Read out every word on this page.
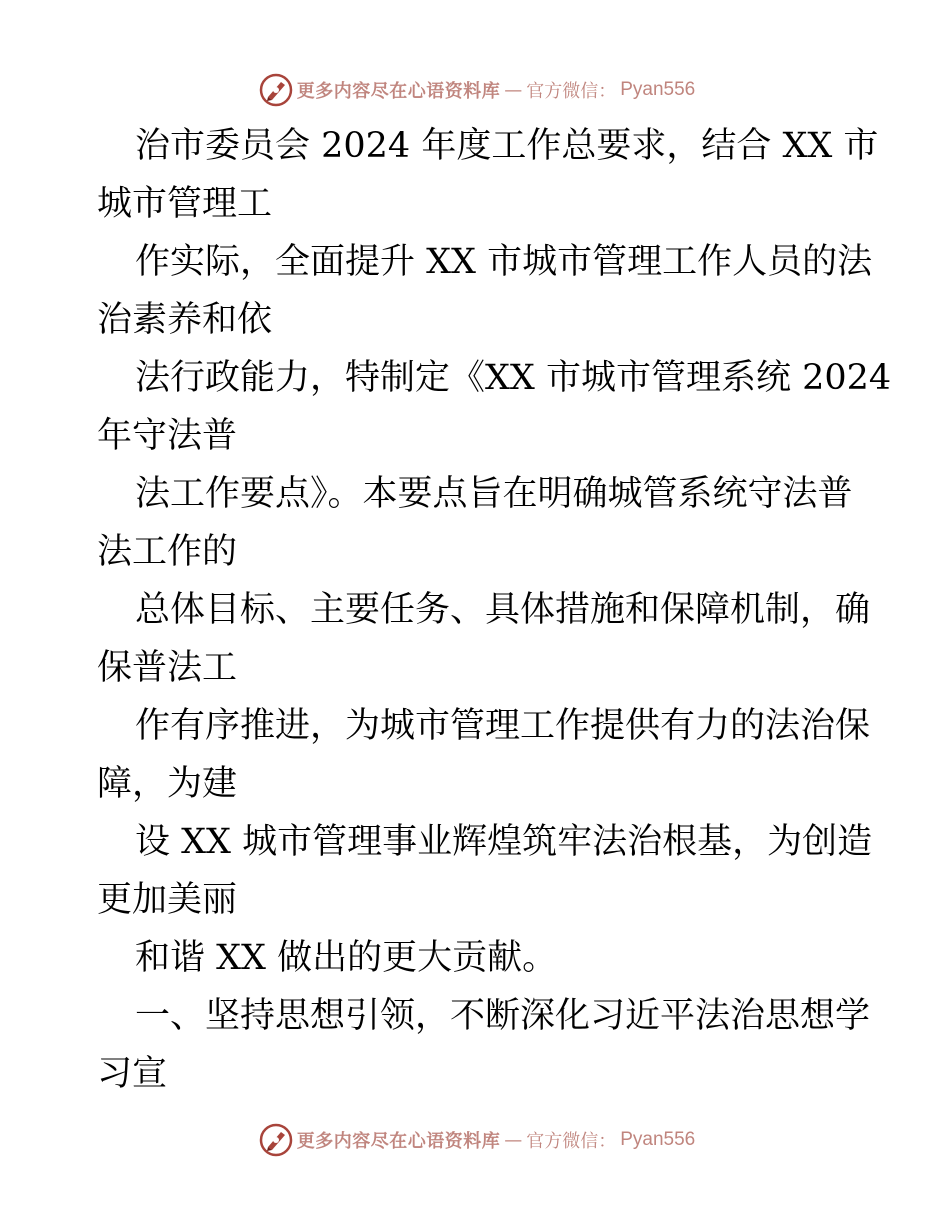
更多内容尽在心语资料库 — 官方微信： Pyan556
治市委员会 2024 年度工作总要求，结合 XX 市
城市管理工
作实际，全面提升 XX 市城市管理工作人员的法
治素养和依
法行政能力，特制定《XX 市城市管理系统 2024
年守法普
法工作要点》。本要点旨在明确城管系统守法普
法工作的
总体目标、主要任务、具体措施和保障机制，确
保普法工
作有序推进，为城市管理工作提供有力的法治保
障，为建
设 XX 城市管理事业辉煌筑牢法治根基，为创造
更加美丽
和谐 XX 做出的更大贡献。
一、坚持思想引领，不断深化习近平法治思想学
习宣
更多内容尽在心语资料库 — 官方微信： Pyan556
